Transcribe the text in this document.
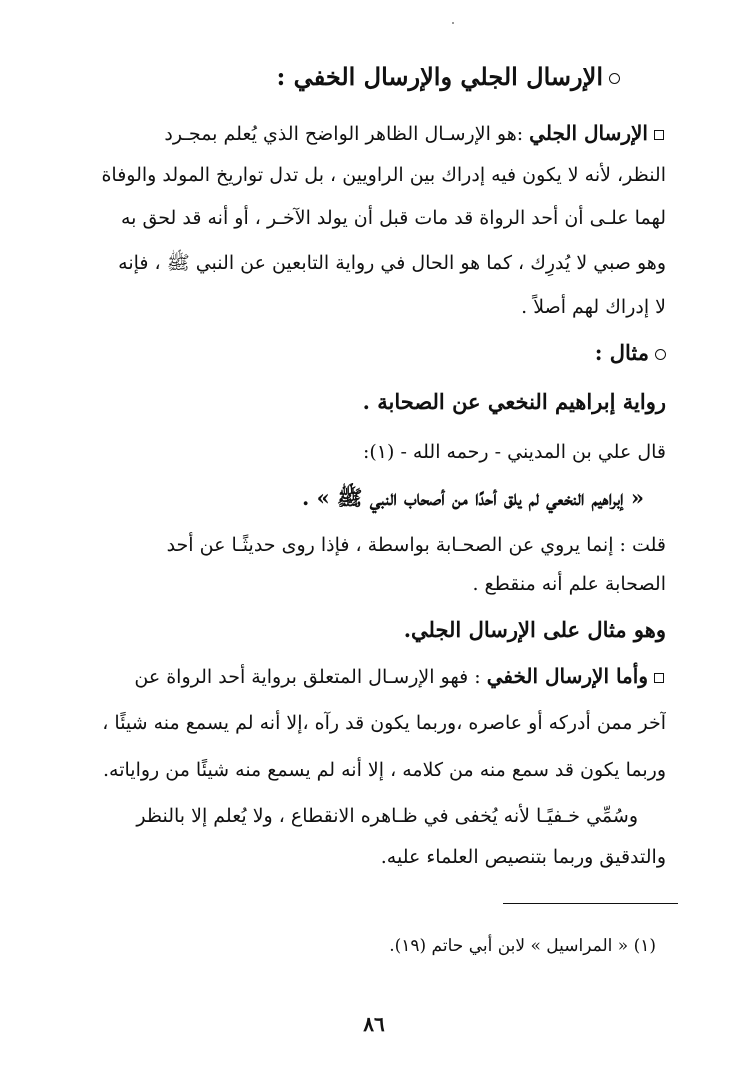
الإرسال الجلي والإرسال الخفي :
الإرسال الجلي :هو الإرسـال الظاهر الواضح الذي يُعلم بمجـرد
النظر، لأنه لا يكون فيه إدراك بين الراويين ، بل تدل تواريخ المولد والوفاة
لهما علـى أن أحد الرواة قد مات قبل أن يولد الآخـر ، أو أنه قد لحق به
وهو صبي لا يُدرِك ، كما هو الحال في رواية التابعين عن النبي ﷺ ، فإنه
لا إدراك لهم أصلاً .
مثال :
رواية إبراهيم النخعي عن الصحابة .
قال علي بن المديني - رحمه الله - (١):
« إبراهيم النخعي لم يلق أحدًا من أصحاب النبي ﷺ » .
قلت : إنما يروي عن الصحـابة بواسطة ، فإذا روى حديثًـا عن أحد
الصحابة علم أنه منقطع .
وهو مثال على الإرسال الجلي.
وأما الإرسال الخفي : فهو الإرسـال المتعلق برواية أحد الرواة عن
آخر ممن أدركه أو عاصره ،وربما يكون قد رآه ،إلا أنه لم يسمع منه شيئًا ،
وربما يكون قد سمع منه من كلامه ، إلا أنه لم يسمع منه شيئًا من رواياته.
وسُمِّي خـفيًـا لأنه يُخفى في ظـاهره الانقطاع ، ولا يُعلم إلا بالنظر
والتدقيق وربما بتنصيص العلماء عليه.
(١) « المراسيل » لابن أبي حاتم (١٩).
٨٦
